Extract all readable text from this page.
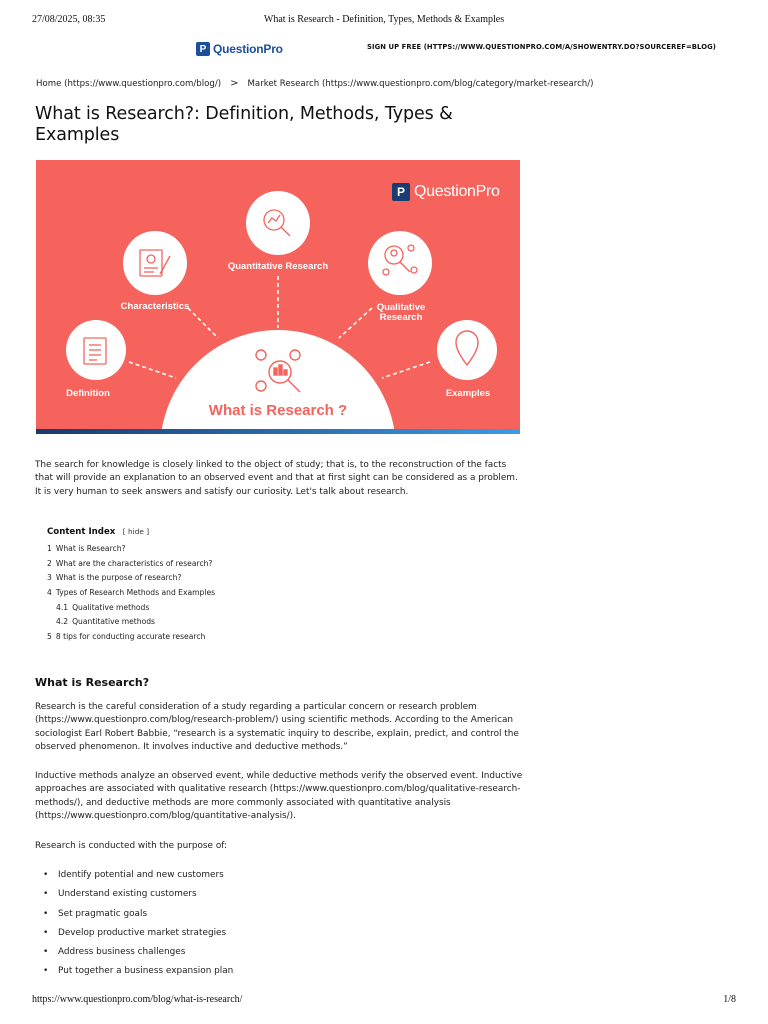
27/08/2025, 08:35	What is Research - Definition, Types, Methods & Examples
P QuestionPro	SIGN UP FREE (HTTPS://WWW.QUESTIONPRO.COM/A/SHOWENTRY.DO?SOURCEREF=BLOG)
Home (https://www.questionpro.com/blog/) > Market Research (https://www.questionpro.com/blog/category/market-research/)
What is Research?: Definition, Methods, Types & Examples
P QuestionPro
Definition
Characteristics
Quantitative Research
Qualitative
Research
Examples
What is Research ?

The search for knowledge is closely linked to the object of study; that is, to the reconstruction of the facts that will provide an explanation to an observed event and that at first sight can be considered as a problem. It is very human to seek answers and satisfy our curiosity. Let's talk about research.

Content Index [ hide ]
1 What is Research?
2 What are the characteristics of research?
3 What is the purpose of research?
4 Types of Research Methods and Examples
4.1 Qualitative methods
4.2 Quantitative methods
5 8 tips for conducting accurate research
What is Research?

Research is the careful consideration of a study regarding a particular concern or research problem (https://www.questionpro.com/blog/research-problem/) using scientific methods. According to the American sociologist Earl Robert Babbie, “research is a systematic inquiry to describe, explain, predict, and control the observed phenomenon. It involves inductive and deductive methods.”

Inductive methods analyze an observed event, while deductive methods verify the observed event. Inductive approaches are associated with qualitative research (https://www.questionpro.com/blog/qualitative-research-methods/), and deductive methods are more commonly associated with quantitative analysis (https://www.questionpro.com/blog/quantitative-analysis/).

Research is conducted with the purpose of:

• Identify potential and new customers
• Understand existing customers
• Set pragmatic goals
• Develop productive market strategies
• Address business challenges
• Put together a business expansion plan
https://www.questionpro.com/blog/what-is-research/	1/8
